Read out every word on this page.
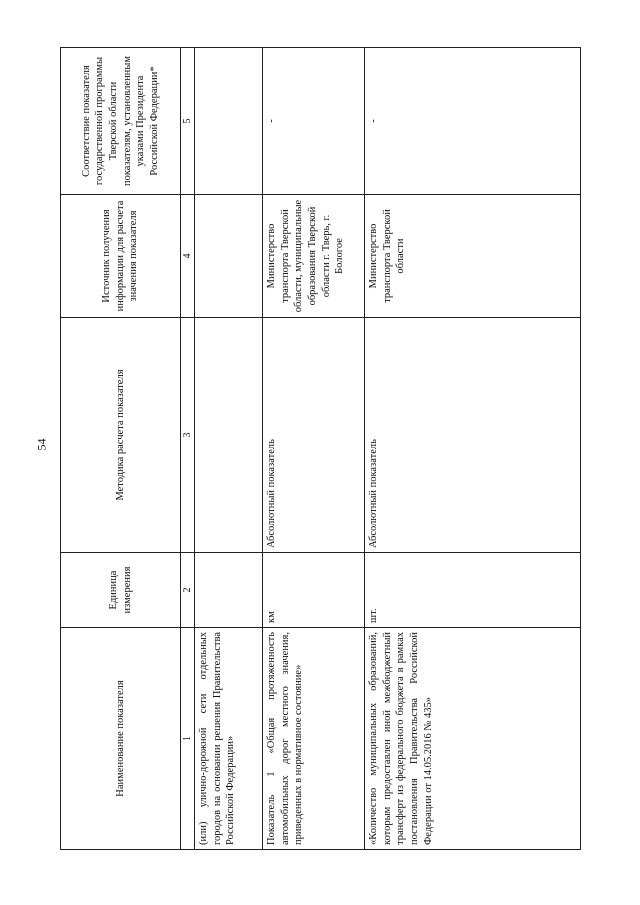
54
Наименование показателя	Единица измерения	Методика расчета показателя	Источник получения информации для расчета значения показателя	Соответствие показателя государственной программы Тверской области показателям, установленным указами Президента Российской Федерации*
1	2	3	4	5
(или) улично-дорожной сети отдельных городов на основании решения Правительства Российской Федерации»				
Показатель 1 «Общая протяженность автомобильных дорог местного значения, приведенных в нормативное состояние»	км	Абсолютный показатель	Министерство транспорта Тверской области, муниципальные образования Тверской области г. Тверь, г. Бологое	-
«Количество муниципальных образований, которым предоставлен иной межбюджетный трансферт из федерального бюджета в рамках постановления Правительства Российской Федерации от 14.05.2016 № 435»	шт.	Абсолютный показатель	Министерство транспорта Тверской области	-
